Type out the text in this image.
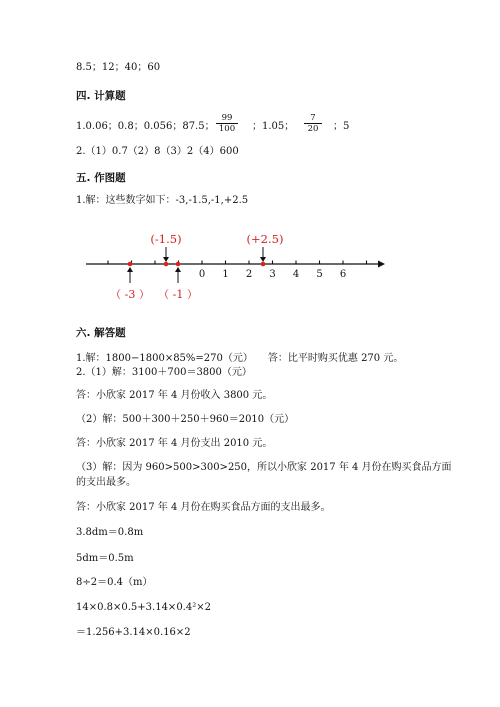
8.5；12；40；60
四. 计算题
1.0.06；0.8；0.056；87.5；
99
100 ；1.05；
7
20	；5
2.（1）0.7（2）8（3）2（4）600
五. 作图题
1.解：这些数字如下：-3,-1.5,-1,+2.5
0 1 2 3 4 5 6
(-1.5)	(+2.5)
（ -3 ） （ -1 ）
六. 解答题
1.解：1800−1800×85%=270（元）　　答：比平时购买优惠 270 元。
2.（1）解：3100＋700＝3800（元）
答：小欣家 2017 年 4 月份收入 3800 元。
（2）解：500＋300＋250＋960＝2010（元）
答：小欣家 2017 年 4 月份支出 2010 元。
（3）解：因为 960>500>300>250，所以小欣家 2017 年 4 月份在购买食品方面
的支出最多。
答：小欣家 2017 年 4 月份在购买食品方面的支出最多。
3.8dm＝0.8m
5dm＝0.5m
8÷2＝0.4（m）
14×0.8×0.5+3.14×0.4²×2
＝1.256+3.14×0.16×2
